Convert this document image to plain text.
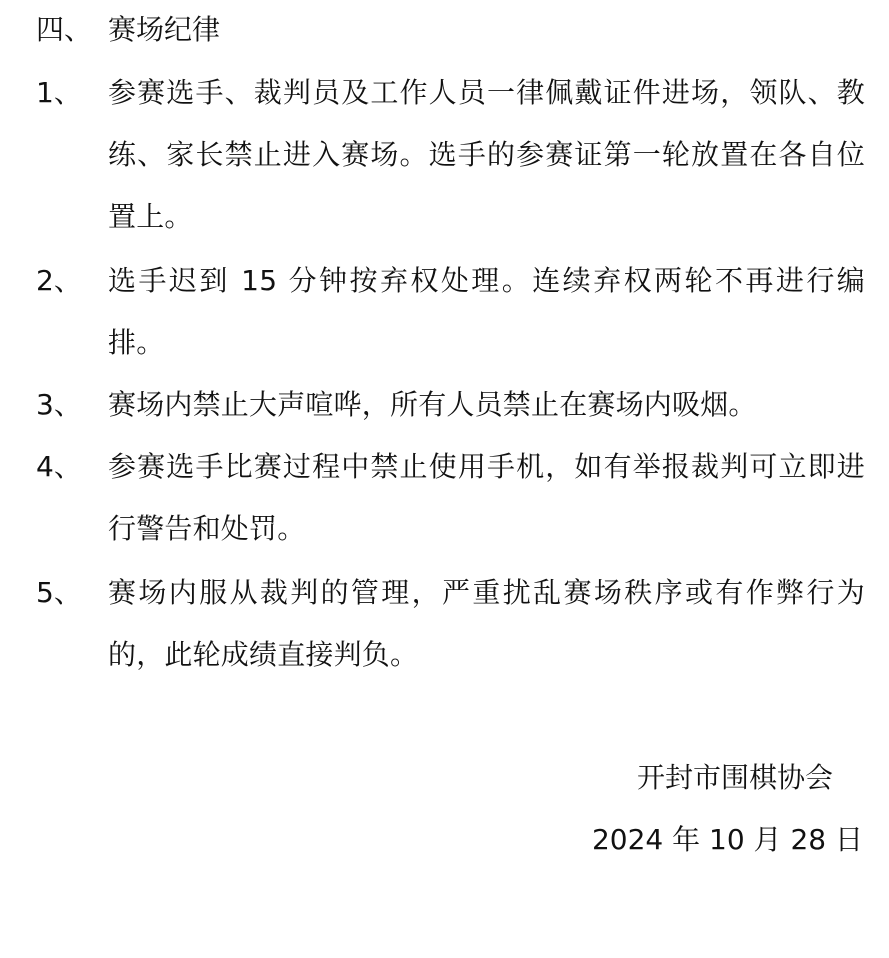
四、 赛场纪律
1、 参赛选手、裁判员及工作人员一律佩戴证件进场，领队、教练、家长禁止进入赛场。选手的参赛证第一轮放置在各自位置上。
2、 选手迟到 15 分钟按弃权处理。连续弃权两轮不再进行编排。
3、 赛场内禁止大声喧哗，所有人员禁止在赛场内吸烟。
4、 参赛选手比赛过程中禁止使用手机，如有举报裁判可立即进行警告和处罚。
5、 赛场内服从裁判的管理，严重扰乱赛场秩序或有作弊行为的，此轮成绩直接判负。
开封市围棋协会
2024 年 10 月 28 日
